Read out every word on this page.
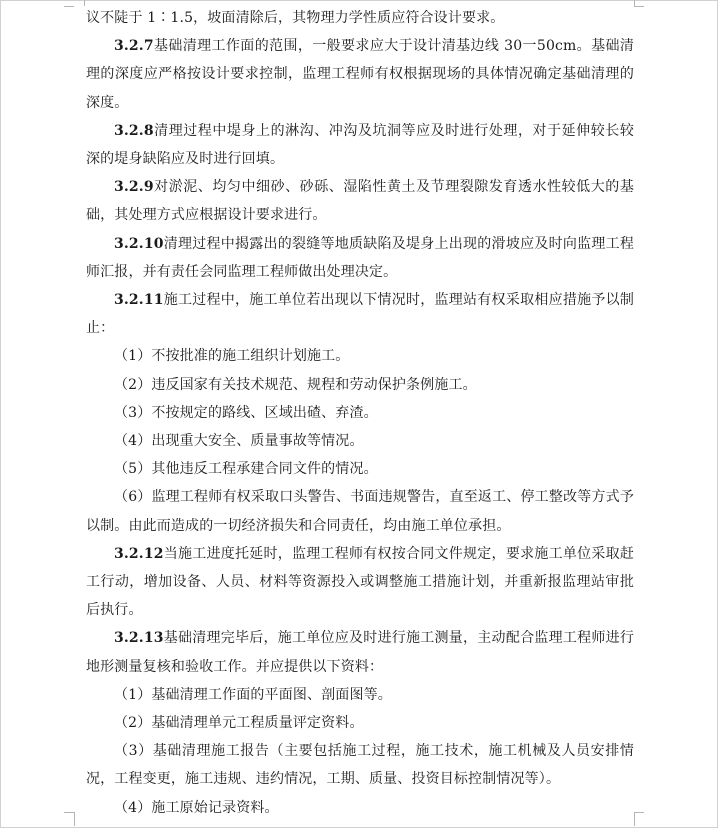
议不陡于 1∶1.5，坡面清除后，其物理力学性质应符合设计要求。

3.2.7基础清理工作面的范围，一般要求应大于设计清基边线 30一50cm。基础清理的深度应严格按设计要求控制，监理工程师有权根据现场的具体情况确定基础清理的深度。

3.2.8清理过程中堤身上的淋沟、冲沟及坑洞等应及时进行处理，对于延伸较长较深的堤身缺陷应及时进行回填。

3.2.9对淤泥、均匀中细砂、砂砾、湿陷性黄土及节理裂隙发育透水性较低大的基础，其处理方式应根据设计要求进行。

3.2.10清理过程中揭露出的裂缝等地质缺陷及堤身上出现的滑坡应及时向监理工程师汇报，并有责任会同监理工程师做出处理决定。

3.2.11施工过程中，施工单位若出现以下情况时，监理站有权采取相应措施予以制止：

（1）不按批准的施工组织计划施工。

（2）违反国家有关技术规范、规程和劳动保护条例施工。

（3）不按规定的路线、区域出碴、弃渣。

（4）出现重大安全、质量事故等情况。

（5）其他违反工程承建合同文件的情况。

（6）监理工程师有权采取口头警告、书面违规警告，直至返工、停工整改等方式予以制。由此而造成的一切经济损失和合同责任，均由施工单位承担。

3.2.12当施工进度托延时，监理工程师有权按合同文件规定，要求施工单位采取赶工行动，增加设备、人员、材料等资源投入或调整施工措施计划，并重新报监理站审批后执行。

3.2.13基础清理完毕后，施工单位应及时进行施工测量，主动配合监理工程师进行地形测量复核和验收工作。并应提供以下资料：

（1）基础清理工作面的平面图、剖面图等。

（2）基础清理单元工程质量评定资料。

（3）基础清理施工报告（主要包括施工过程，施工技术，施工机械及人员安排情况，工程变更，施工违规、违约情况，工期、质量、投资目标控制情况等）。

（4）施工原始记录资料。
